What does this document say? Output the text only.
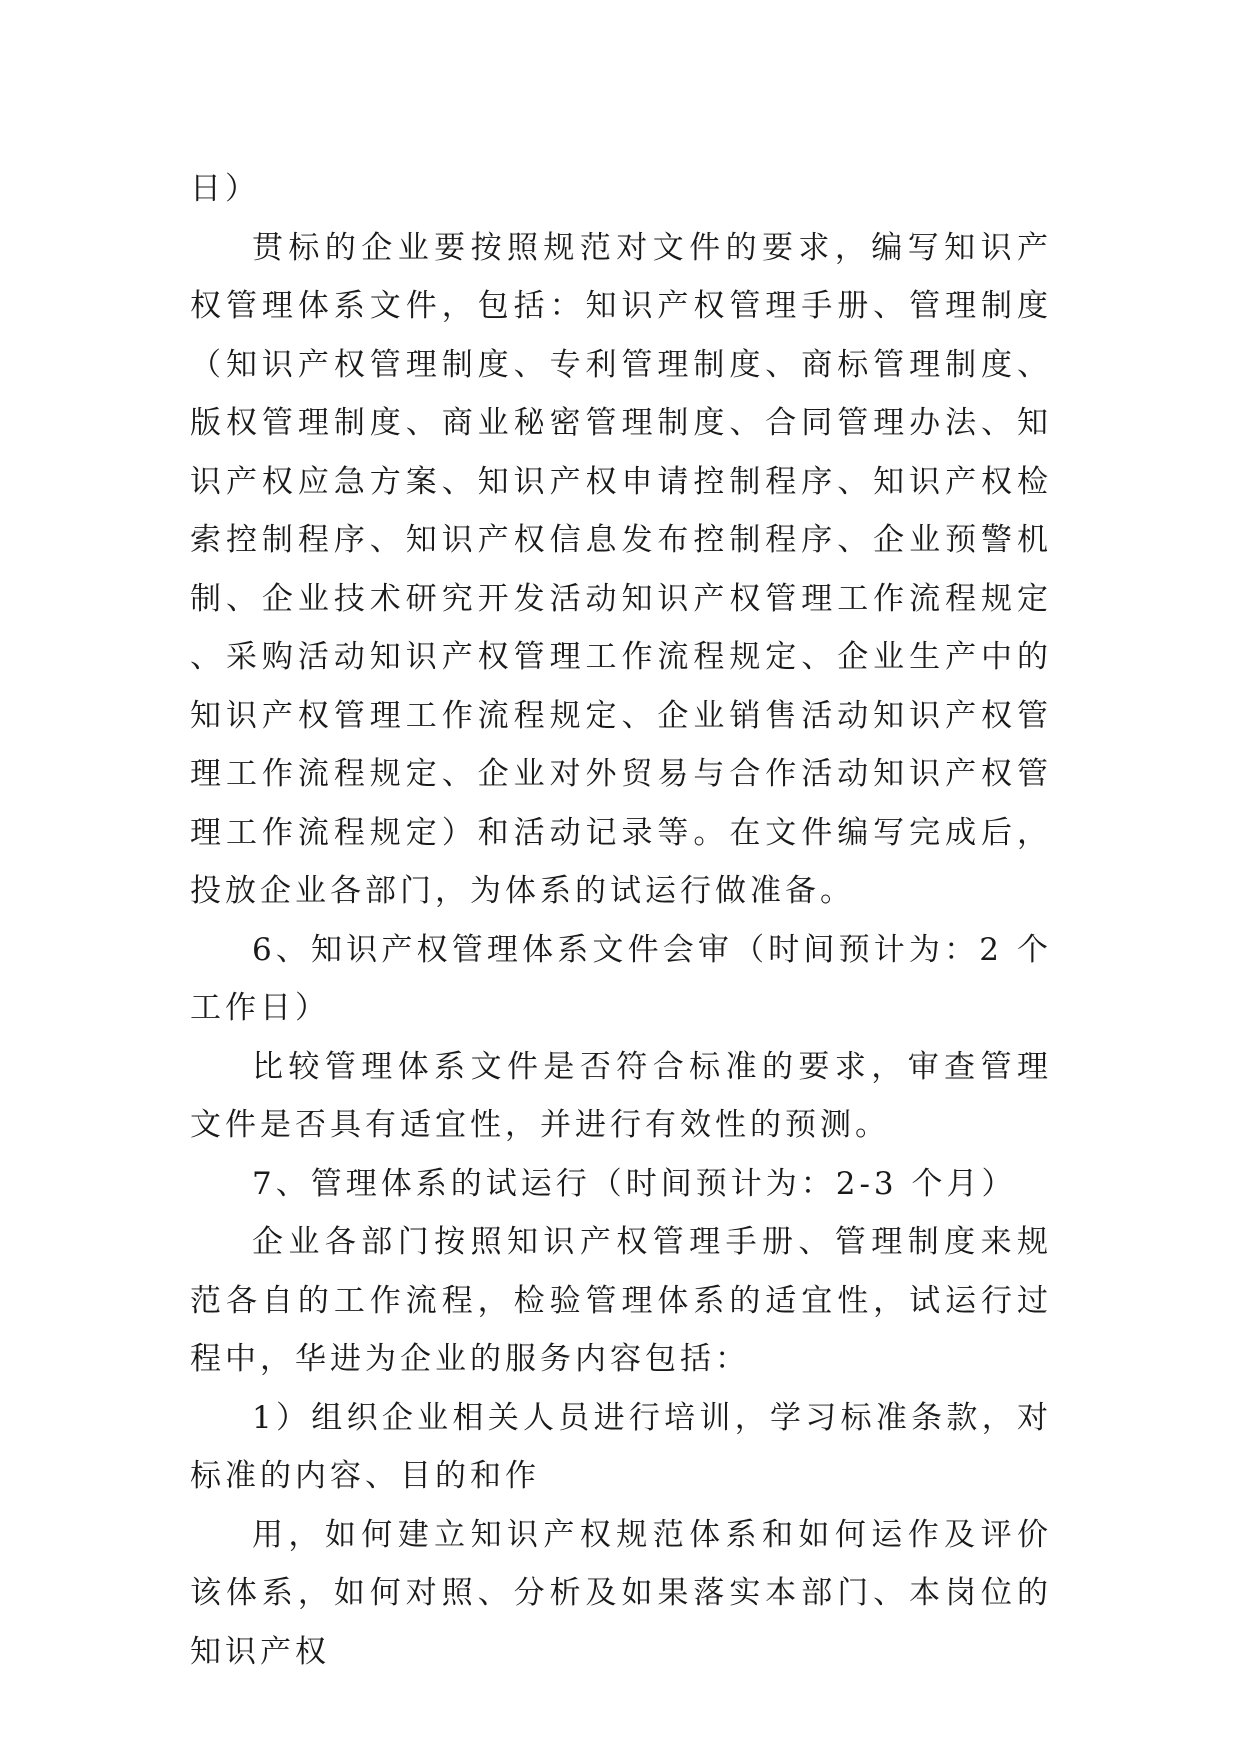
日）

贯标的企业要按照规范对文件的要求，编写知识产权管理体系文件，包括：知识产权管理手册、管理制度（知识产权管理制度、专利管理制度、商标管理制度、版权管理制度、商业秘密管理制度、合同管理办法、知识产权应急方案、知识产权申请控制程序、知识产权检索控制程序、知识产权信息发布控制程序、企业预警机制、企业技术研究开发活动知识产权管理工作流程规定、采购活动知识产权管理工作流程规定、企业生产中的知识产权管理工作流程规定、企业销售活动知识产权管理工作流程规定、企业对外贸易与合作活动知识产权管理工作流程规定）和活动记录等。在文件编写完成后，投放企业各部门，为体系的试运行做准备。

6、知识产权管理体系文件会审（时间预计为：2 个工作日）

比较管理体系文件是否符合标准的要求，审查管理文件是否具有适宜性，并进行有效性的预测。

7、管理体系的试运行（时间预计为：2-3 个月）

企业各部门按照知识产权管理手册、管理制度来规范各自的工作流程，检验管理体系的适宜性，试运行过程中，华进为企业的服务内容包括：

1）组织企业相关人员进行培训，学习标准条款，对标准的内容、目的和作

用，如何建立知识产权规范体系和如何运作及评价该体系，如何对照、分析及如果落实本部门、本岗位的知识产权
